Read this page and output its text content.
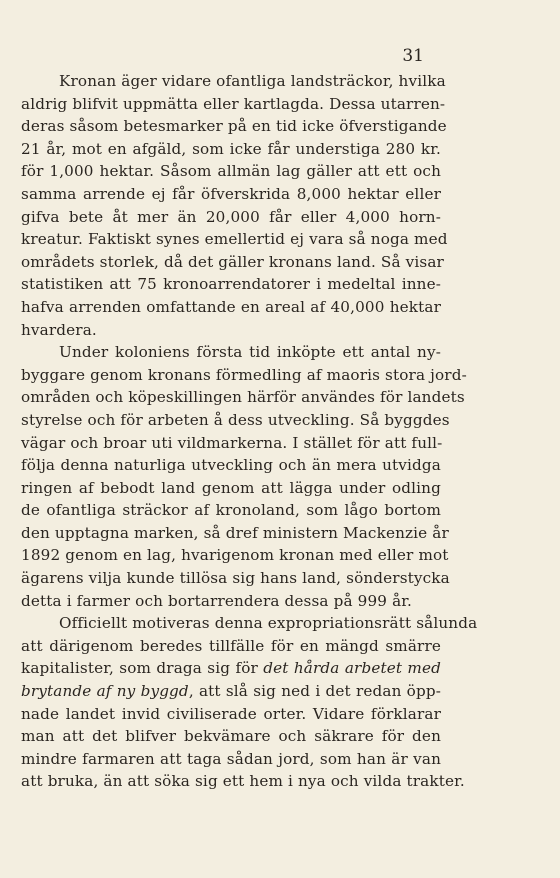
31
Kronan äger vidare ofantliga landsträckor, hvilka
aldrig blifvit uppmätta eller kartlagda. Dessa utarren-
deras såsom betesmarker på en tid icke öfverstigande
21 år, mot en afgäld, som icke får understiga 280 kr.
för 1,000 hektar. Såsom allmän lag gäller att ett och
samma arrende ej får öfverskrida 8,000 hektar eller
gifva bete åt mer än 20,000 får eller 4,000 horn-
kreatur. Faktiskt synes emellertid ej vara så noga med
områdets storlek, då det gäller kronans land. Så visar
statistiken att 75 kronoarrendatorer i medeltal inne-
hafva arrenden omfattande en areal af 40,000 hektar
hvardera.
Under koloniens första tid inköpte ett antal ny-
byggare genom kronans förmedling af maoris stora jord-
områden och köpeskillingen härför användes för landets
styrelse och för arbeten å dess utveckling. Så byggdes
vägar och broar uti vildmarkerna. I stället för att full-
följa denna naturliga utveckling och än mera utvidga
ringen af bebodt land genom att lägga under odling
de ofantliga sträckor af kronoland, som lågo bortom
den upptagna marken, så dref ministern Mackenzie år
1892 genom en lag, hvarigenom kronan med eller mot
ägarens vilja kunde tillösa sig hans land, sönderstycka
detta i farmer och bortarrendera dessa på 999 år.
Officiellt motiveras denna expropriationsrätt sålunda
att därigenom beredes tillfälle för en mängd smärre
kapitalister, som draga sig för det hårda arbetet med
brytande af ny byggd, att slå sig ned i det redan öpp-
nade landet invid civiliserade orter. Vidare förklarar
man att det blifver bekvämare och säkrare för den
mindre farmaren att taga sådan jord, som han är van
att bruka, än att söka sig ett hem i nya och vilda trakter.
